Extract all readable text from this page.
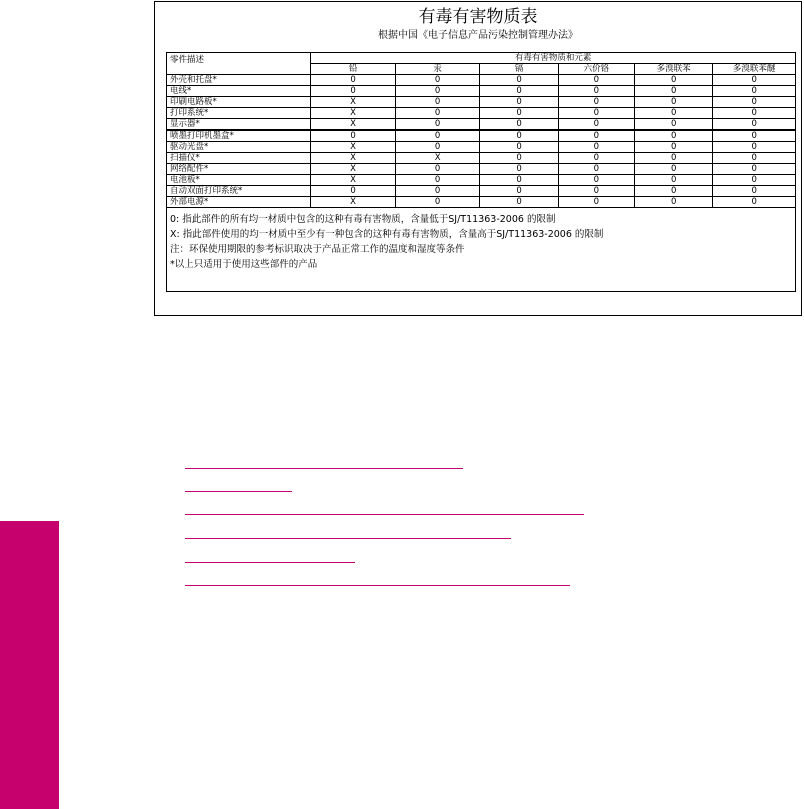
有毒有害物质表
根据中国《电子信息产品污染控制管理办法》
零件描述	有毒有害物质和元素					
	铅	汞	镉	六价铬	多溴联苯	多溴联苯醚
外壳和托盘*	0	0	0	0	0	0
电线*	0	0	0	0	0	0
印刷电路板*	X	0	0	0	0	0
打印系统*	X	0	0	0	0	0
显示器*	X	0	0	0	0	0
喷墨打印机墨盒*	0	0	0	0	0	0
驱动光盘*	X	0	0	0	0	0
扫描仪*	X	X	0	0	0	0
网络配件*	X	0	0	0	0	0
电池板*	X	0	0	0	0	0
自动双面打印系统*	0	0	0	0	0	0
外部电源*	X	0	0	0	0	0

0: 指此部件的所有均一材质中包含的这种有毒有害物质，含量低于SJ/T11363-2006 的限制
X: 指此部件使用的均一材质中至少有一种包含的这种有毒有害物质，含量高于SJ/T11363-2006 的限制
注：环保使用期限的参考标识取决于产品正常工作的温度和湿度等条件
*以上只适用于使用这些部件的产品						
